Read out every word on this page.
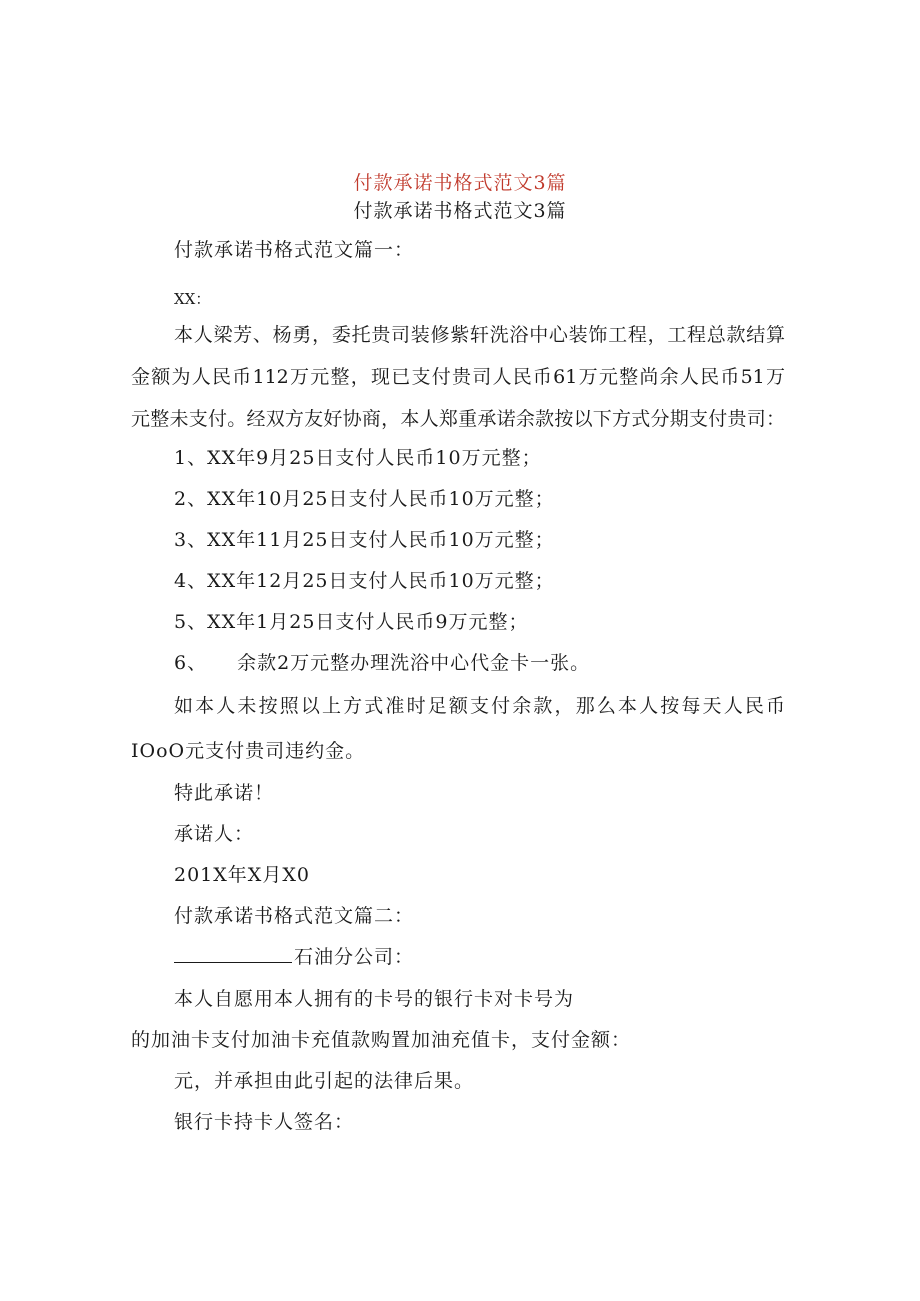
付款承诺书格式范文3篇
付款承诺书格式范文3篇
付款承诺书格式范文篇一：
XX：
本人梁芳、杨勇，委托贵司装修紫轩洗浴中心装饰工程，工程总款结算
金额为人民币112万元整，现已支付贵司人民币61万元整尚余人民币51万
元整未支付。经双方友好协商，本人郑重承诺余款按以下方式分期支付贵司：
1、XX年9月25日支付人民币10万元整；
2、XX年10月25日支付人民币10万元整；
3、XX年11月25日支付人民币10万元整；
4、XX年12月25日支付人民币10万元整；
5、XX年1月25日支付人民币9万元整；
6、 余款2万元整办理洗浴中心代金卡一张。
如本人未按照以上方式准时足额支付余款，那么本人按每天人民币
IOoO元支付贵司违约金。
特此承诺！
承诺人：
201X年X月X0
付款承诺书格式范文篇二：
石油分公司：
本人自愿用本人拥有的卡号的银行卡对卡号为
的加油卡支付加油卡充值款购置加油充值卡，支付金额：
元，并承担由此引起的法律后果。
银行卡持卡人签名：
